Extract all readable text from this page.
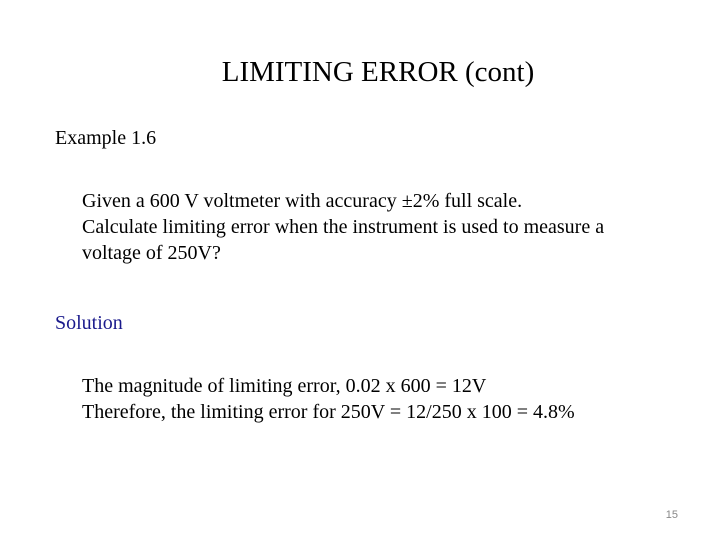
LIMITING ERROR (cont)
Example 1.6
Given a 600 V voltmeter with accuracy ±2% full scale.
Calculate limiting error when the instrument is used to measure a
voltage of 250V?
Solution
The magnitude of limiting error, 0.02 x 600 = 12V
Therefore, the limiting error for 250V = 12/250 x 100 = 4.8%
15
